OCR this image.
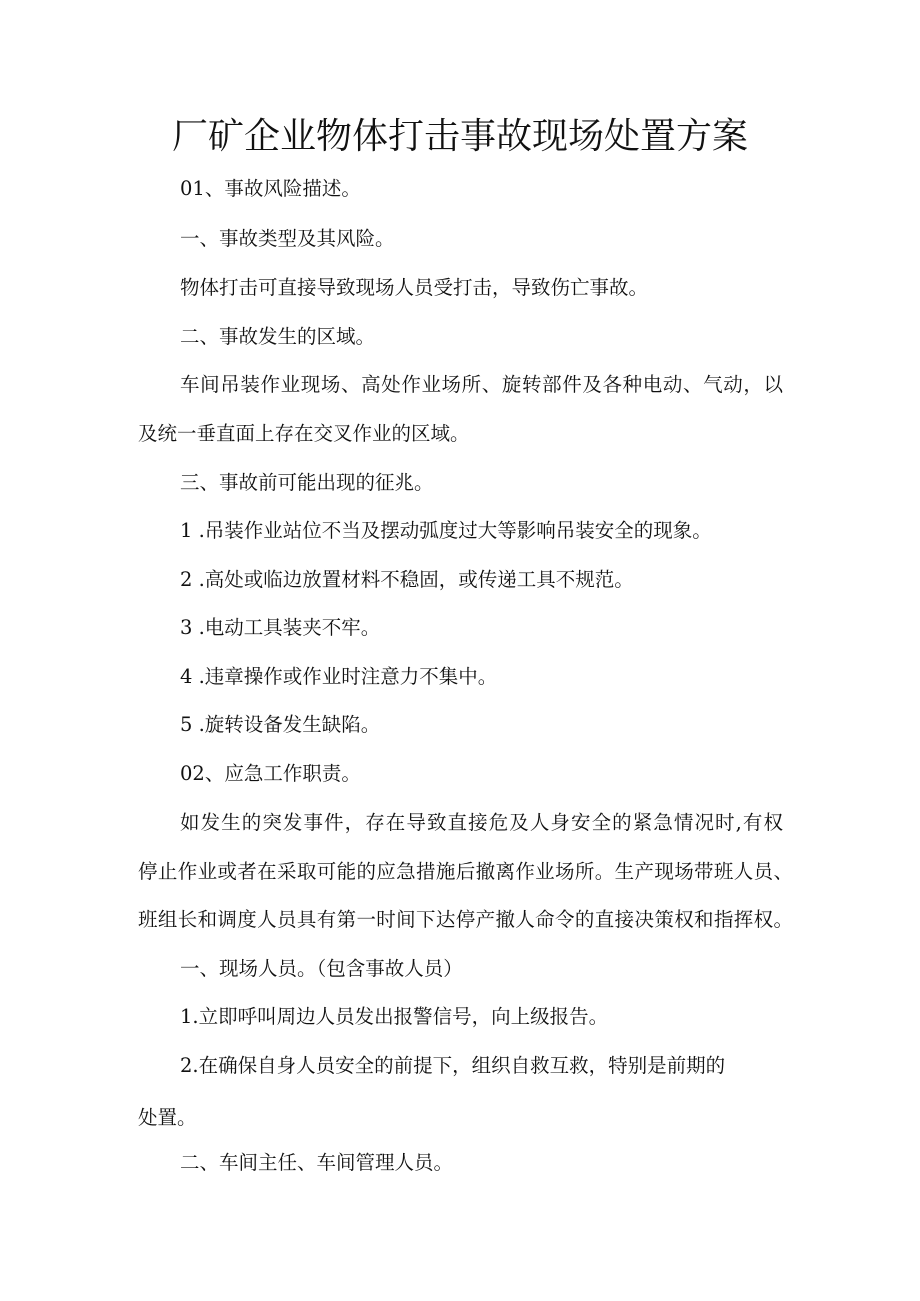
厂矿企业物体打击事故现场处置方案

01、事故风险描述。

一、事故类型及其风险。

物体打击可直接导致现场人员受打击，导致伤亡事故。

二、事故发生的区域。

车间吊装作业现场、高处作业场所、旋转部件及各种电动、气动，以

及统一垂直面上存在交叉作业的区域。

三、事故前可能出现的征兆。

1 .吊装作业站位不当及摆动弧度过大等影响吊装安全的现象。

2 .高处或临边放置材料不稳固，或传递工具不规范。

3 .电动工具装夹不牢。

4 .违章操作或作业时注意力不集中。

5 .旋转设备发生缺陷。

02、应急工作职责。

如发生的突发事件，存在导致直接危及人身安全的紧急情况时,有权

停止作业或者在采取可能的应急措施后撤离作业场所。生产现场带班人员、

班组长和调度人员具有第一时间下达停产撤人命令的直接决策权和指挥权。

一、现场人员。（包含事故人员）

1.立即呼叫周边人员发出报警信号，向上级报告。

2.在确保自身人员安全的前提下，组织自救互救，特别是前期的

处置。

二、车间主任、车间管理人员。
